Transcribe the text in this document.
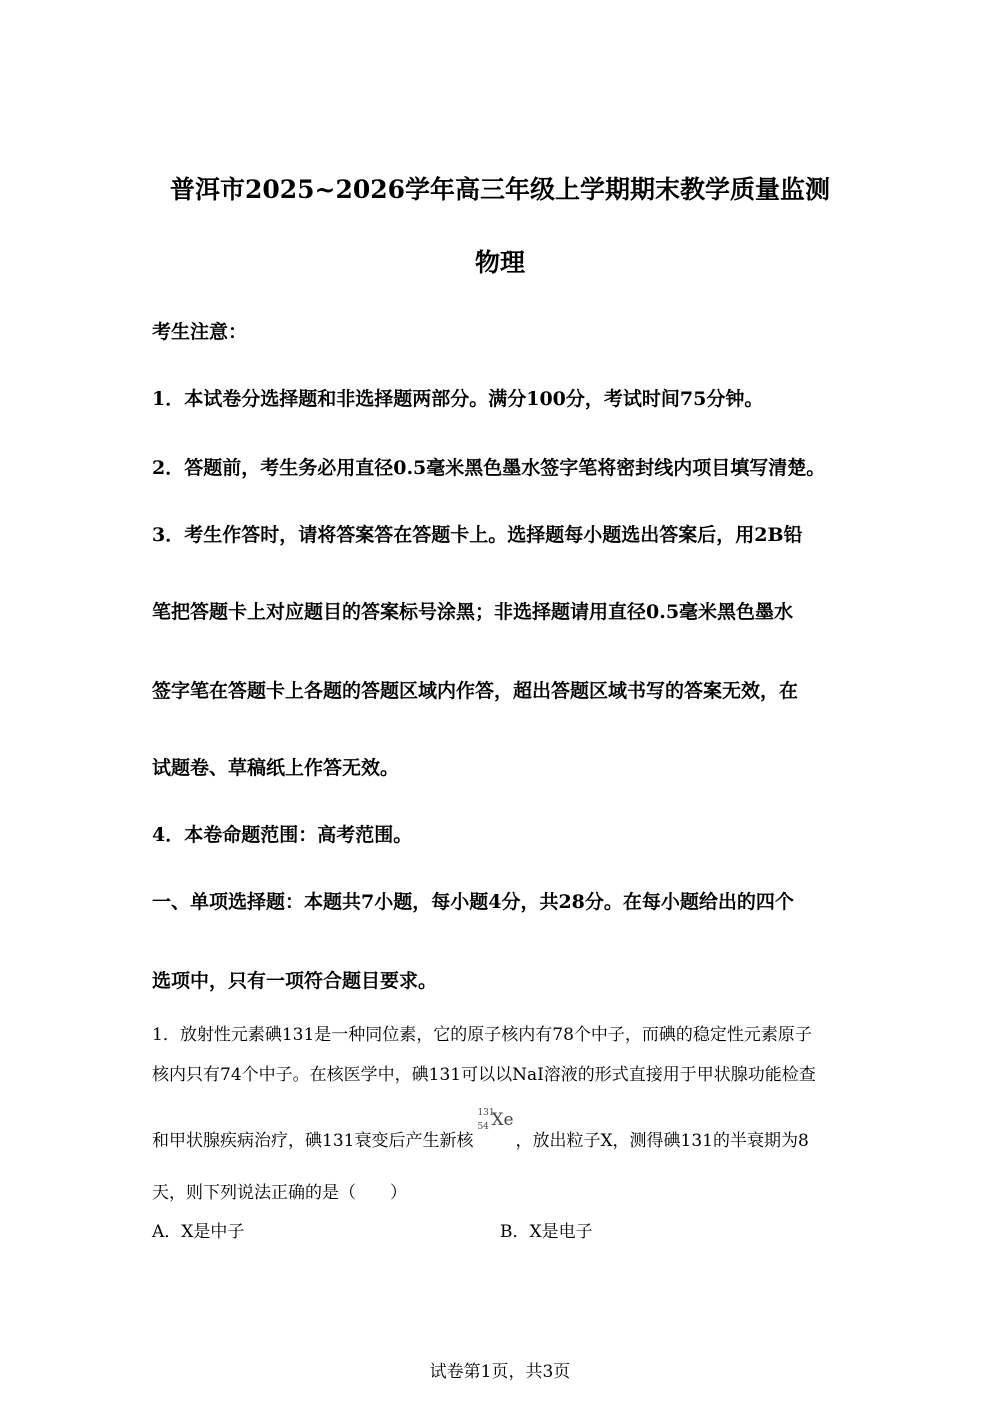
普洱市2025~2026学年高三年级上学期期末教学质量监测
物理
考生注意：
1．本试卷分选择题和非选择题两部分。满分100分，考试时间75分钟。
2．答题前，考生务必用直径0.5毫米黑色墨水签字笔将密封线内项目填写清楚。
3．考生作答时，请将答案答在答题卡上。选择题每小题选出答案后，用2B铅
笔把答题卡上对应题目的答案标号涂黑；非选择题请用直径0.5毫米黑色墨水
签字笔在答题卡上各题的答题区域内作答，超出答题区域书写的答案无效，在
试题卷、草稿纸上作答无效。
4．本卷命题范围：高考范围。
一、单项选择题：本题共7小题，每小题4分，共28分。在每小题给出的四个
选项中，只有一项符合题目要求。
1．放射性元素碘131是一种同位素，它的原子核内有78个中子，而碘的稳定性元素原子
核内只有74个中子。在核医学中，碘131可以以NaI溶液的形式直接用于甲状腺功能检查
和甲状腺疾病治疗，碘131衰变后产生新核
131
54 Xe
，放出粒子X，测得碘131的半衰期为8
天，则下列说法正确的是（　　）
A．X是中子	B．X是电子
试卷第1页，共3页
